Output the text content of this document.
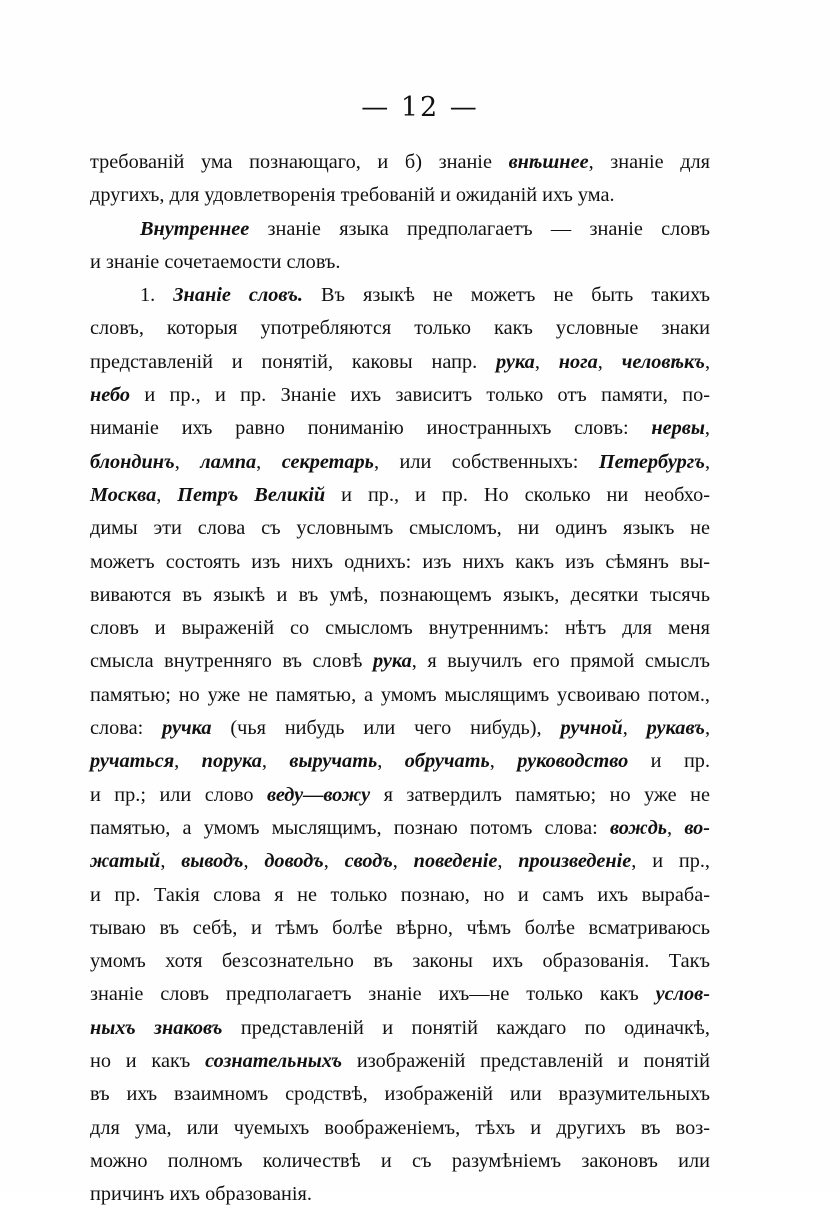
— 12 —
требованій ума познающаго, и б) знаніе внѣшнее, знаніе для
другихъ, для удовлетворенія требованій и ожиданій ихъ ума.
Внутреннее знаніе языка предполагаетъ — знаніе словъ
и знаніе сочетаемости словъ.
1. Знаніе словъ. Въ языкѣ не можетъ не быть такихъ
словъ, которыя употребляются только какъ условные знаки
представленій и понятій, каковы напр. рука, нога, человѣкъ,
небо и пр., и пр. Знаніе ихъ зависитъ только отъ памяти, по-
ниманіе ихъ равно пониманію иностранныхъ словъ: нервы,
блондинъ, лампа, секретарь, или собственныхъ: Петербургъ,
Москва, Петръ Великій и пр., и пр. Но сколько ни необхо-
димы эти слова съ условнымъ смысломъ, ни одинъ языкъ не
можетъ состоять изъ нихъ однихъ: изъ нихъ какъ изъ сѣмянъ вы-
виваются въ языкѣ и въ умѣ, познающемъ языкъ, десятки тысячь
словъ и выраженій со смысломъ внутреннимъ: нѣтъ для меня
смысла внутренняго въ словѣ рука, я выучилъ его прямой смыслъ
памятью; но уже не памятью, а умомъ мыслящимъ усвоиваю потом.,
слова: ручка (чья нибудь или чего нибудь), ручной, рукавъ,
ручаться, порука, выручать, обручать, руководство и пр.
и пр.; или слово веду—вожу я затвердилъ памятью; но уже не
памятью, а умомъ мыслящимъ, познаю потомъ слова: вождь, во-
жатый, выводъ, доводъ, сводъ, поведеніе, произведеніе, и пр.,
и пр. Такія слова я не только познаю, но и самъ ихъ выраба-
тываю въ себѣ, и тѣмъ болѣе вѣрно, чѣмъ болѣе всматриваюсь
умомъ хотя безсознательно въ законы ихъ образованія. Такъ
знаніе словъ предполагаетъ знаніе ихъ—не только какъ услов-
ныхъ знаковъ представленій и понятій каждаго по одиначкѣ,
но и какъ сознательныхъ изображеній представленій и понятій
въ ихъ взаимномъ сродствѣ, изображеній или вразумительныхъ
для ума, или чуемыхъ воображеніемъ, тѣхъ и другихъ въ воз-
можно полномъ количествѣ и съ разумѣніемъ законовъ или
причинъ ихъ образованія.
